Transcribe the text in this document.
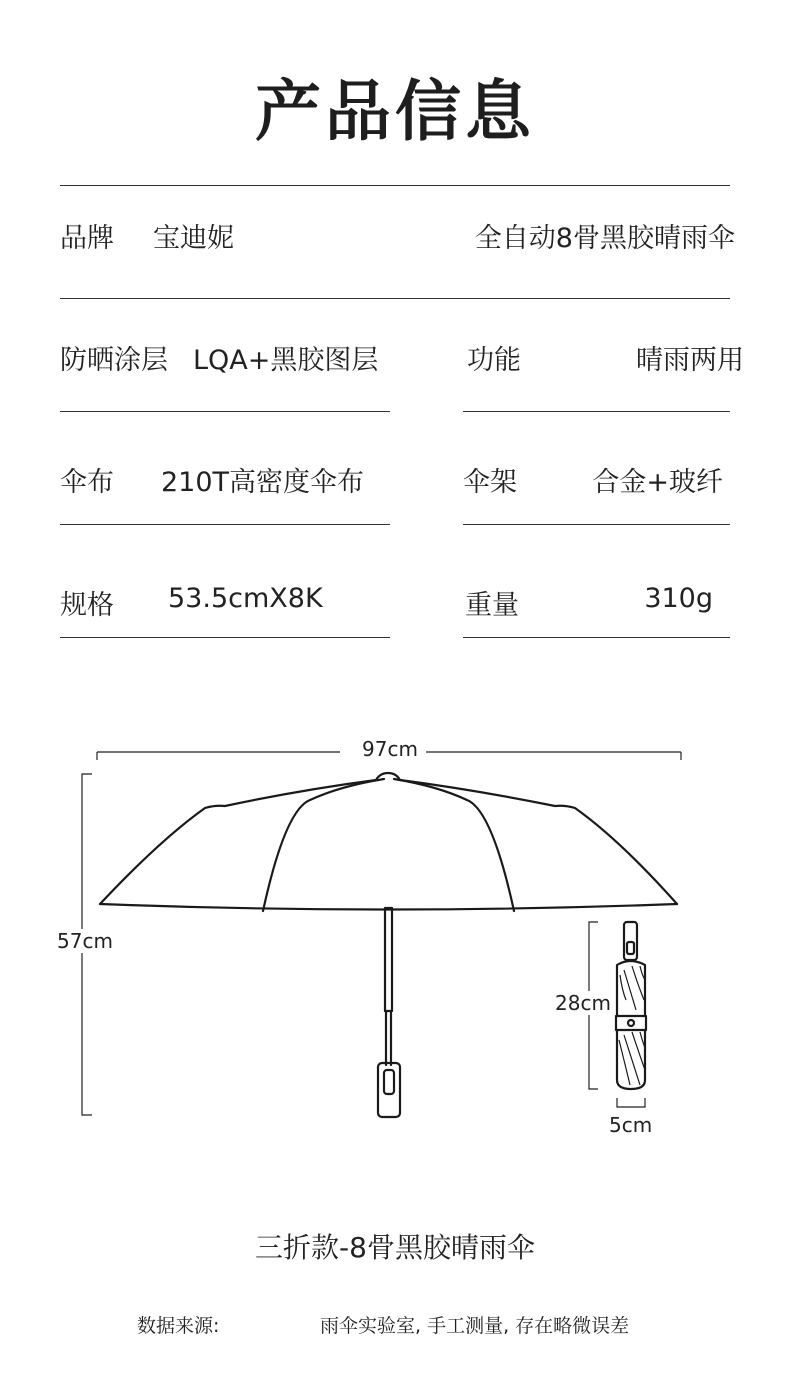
产品信息
品牌 宝迪妮	全自动8骨黑胶晴雨伞
防晒涂层 LQA+黑胶图层	功能	晴雨两用
伞布 210T高密度伞布	伞架	合金+玻纤
规格 53.5cmX8K	重量	310g
97cm
57cm
28cm
5cm
三折款-8骨黑胶晴雨伞
数据来源:	雨伞实验室, 手工测量, 存在略微误差
